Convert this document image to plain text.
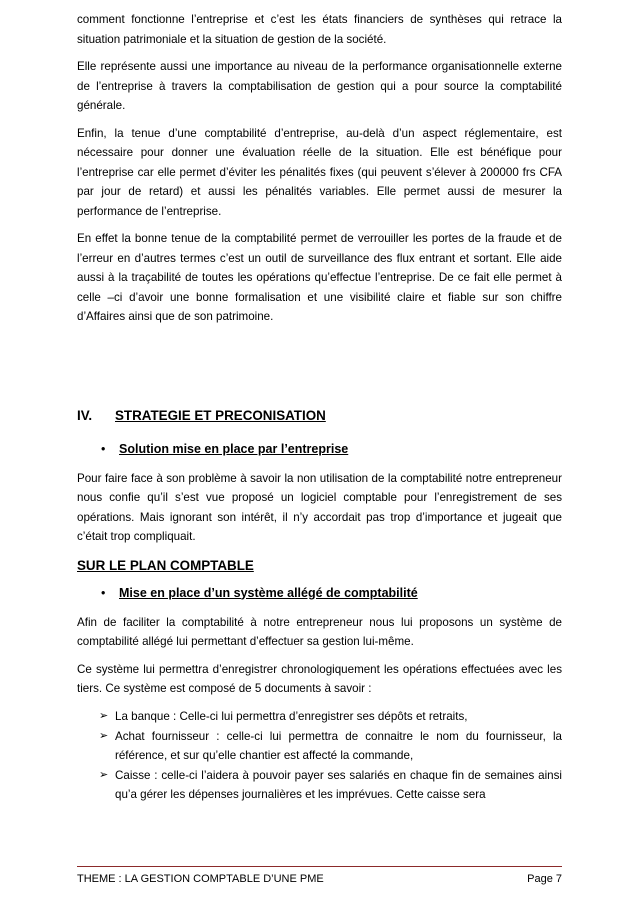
comment fonctionne l’entreprise et c’est les états financiers de synthèses qui retrace la situation patrimoniale et la situation de gestion de la société.

Elle représente aussi une importance au niveau de la performance organisationnelle externe de l’entreprise à travers la comptabilisation de gestion qui a pour source la comptabilité générale.

Enfin, la tenue d’une comptabilité d’entreprise, au-delà d’un aspect réglementaire, est nécessaire pour donner une évaluation réelle de la situation. Elle est bénéfique pour l’entreprise car elle permet d’éviter les pénalités fixes (qui peuvent s’élever à 200000 frs CFA par jour de retard) et aussi les pénalités variables. Elle permet aussi de mesurer la performance de l’entreprise.

En effet la bonne tenue de la comptabilité permet de verrouiller les portes de la fraude et de l’erreur en d’autres termes c’est un outil de surveillance des flux entrant et sortant. Elle aide aussi à la traçabilité de toutes les opérations qu’effectue l’entreprise. De ce fait elle permet à celle –ci d’avoir une bonne formalisation et une visibilité claire et fiable sur son chiffre d’Affaires ainsi que de son patrimoine.

IV.	STRATEGIE ET PRECONISATION
•	Solution mise en place par l’entreprise

Pour faire face à son problème à savoir la non utilisation de la comptabilité notre entrepreneur nous confie qu’il s’est vue proposé un logiciel comptable pour l’enregistrement de ses opérations. Mais ignorant son intérêt, il n’y accordait pas trop d’importance et jugeait que c’était trop compliquait.

SUR LE PLAN COMPTABLE
•	Mise en place d’un système allégé de comptabilité

Afin de faciliter la comptabilité à notre entrepreneur nous lui proposons un système de comptabilité allégé lui permettant d’effectuer sa gestion lui-même.

Ce système lui permettra d’enregistrer chronologiquement les opérations effectuées avec les tiers. Ce système est composé de 5 documents à savoir :

➢ La banque : Celle-ci lui permettra d’enregistrer ses dépôts et retraits,
➢ Achat fournisseur : celle-ci lui permettra de connaitre le nom du fournisseur, la référence, et sur qu’elle chantier est affecté la commande,
➢ Caisse : celle-ci l’aidera à pouvoir payer ses salariés en chaque fin de semaines ainsi qu’a gérer les dépenses journalières et les imprévues. Cette caisse sera
THEME : LA GESTION COMPTABLE D’UNE PME	Page 7
